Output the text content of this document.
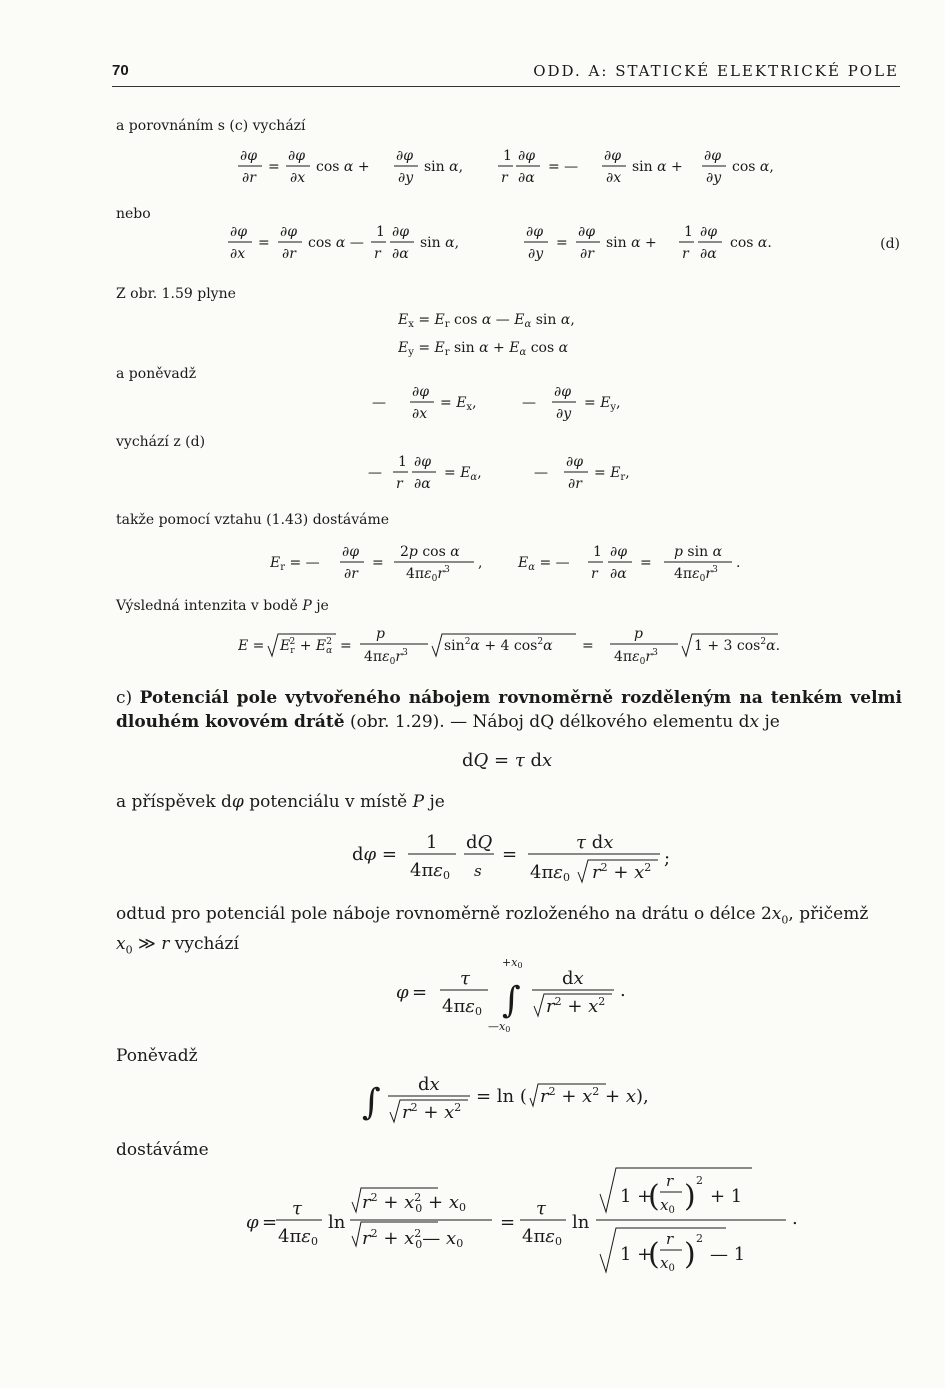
70	ODD. A: STATICKÉ ELEKTRICKÉ POLE
a porovnáním s (c) vychází
∂φ
∂r
=
∂φ
∂x
cos α +
∂φ
∂y
sin α,
1
r
∂φ
∂α
= —
∂φ
∂x
sin α +
∂φ
∂y
cos α,
nebo
∂φ
∂x
=
∂φ
∂r
cos α —
1
r
∂φ
∂α
sin α,
∂φ
∂y
=
∂φ
∂r
sin α +
1
r
∂φ
∂α
cos α.	(d)
Z obr. 1.59 plyne
$E_x = E_r$ cos α — $E_\alpha$ sin α,
$E_y = E_r$ $\sin \alpha + E_\alpha$ cos α
a poněvadž
—
∂φ
∂x
= $E_x$,	—
∂φ
∂y
= $E_y$,
vychází z (d)
—
1
r
∂φ
∂α
= $E_\alpha$,	—
∂φ
∂r
= $E_r$,
takže pomocí vztahu (1.43) dostáváme
$E_r$ = —
∂φ
∂r
=
2p cos α
$4\pi\varepsilon_0r^3$ ,	$E_\alpha$ = —
1
r
∂φ
∂α
=
p sin α
$4\pi\varepsilon_0r^3$ .
Výsledná intenzita v bodě P je
$E = E_r2 + E_\alpha 2$ =
p
$4\pi\varepsilon_0r^3$	$\sin^2\alpha + 4$ $\cos^2\alpha$ =
p
$4\pi\varepsilon_0r^3$	1 + 3 $\cos^2\alpha$.
c) Potenciál pole vytvořeného nábojem rovnoměrně rozděleným na tenkém velmi dlouhém kovovém drátě (obr. 1.29). — Náboj dQ délkového elementu dx je
dQ = τ dx
a příspěvek dφ potenciálu v místě P je
dφ =
1
4πε0
dQ
s
=
τ dx
4πε0 $r^2 + x^2$ ;
odtud pro potenciál pole náboje rovnoměrně rozloženého na drátu o délce $2x_0$, přičemž
$x_0$ ≫ r vychází
φ =
τ
4πε0
+x0
∫
—x0
dx
$r^2 + x^2$
.
Poněvadž
∫ dx
$r^2 + x^2$
= ln ( $r^2 + x^2 + x$),
dostáváme
φ =
τ
4πε0
ln
$r^2 + x^2$ 0 + x0
$r^2 + x^2$ 0— x0
=
τ
4πε0
ln
1 +
( r
$x_0$ ) 2
+ 1
1 +
( r
$x_0$ ) 2
— 1
.
